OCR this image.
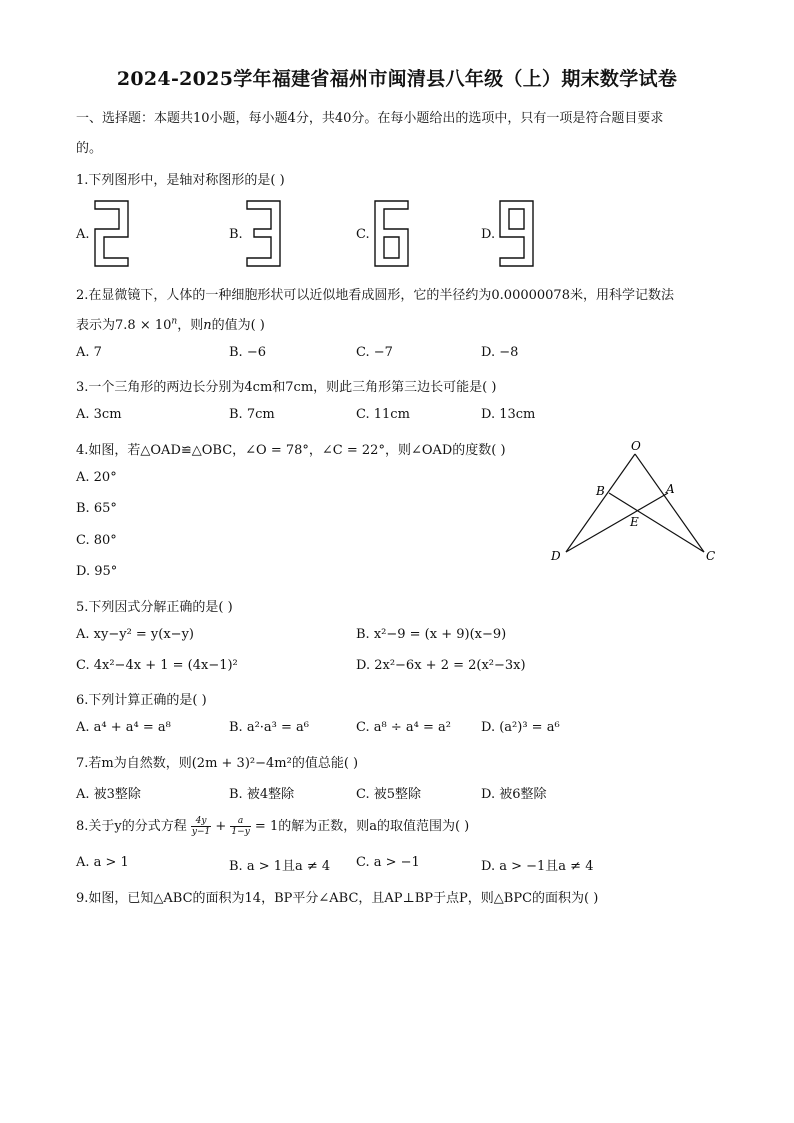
2024-2025学年福建省福州市闽清县八年级（上）期末数学试卷
一、选择题：本题共10小题，每小题4分，共40分。在每小题给出的选项中，只有一项是符合题目要求
的。
1.下列图形中，是轴对称图形的是( )
A.	B.	C.	D.
2.在显微镜下，人体的一种细胞形状可以近似地看成圆形，它的半径约为0.00000078米，用科学记数法
表示为$7.8 \times 10^n$，则n的值为( )
A. 7	B. −6	C. −7	D. −8
3.一个三角形的两边长分别为4cm和7cm，则此三角形第三边长可能是( )
A. 3cm	B. 7cm	C. 11cm	D. 13cm
4.如图，若△OAD≌△OBC，∠O = 78°，∠C = 22°，则∠OAD的度数( )
A. 20°
B. 65°
C. 80°
D. 95°
O
A
B
E
D	C
5.下列因式分解正确的是( )
A. xy−y² = y(x−y)	B. x²−9 = (x + 9)(x−9)
C. 4x²−4x + 1 = (4x−1)²	D. 2x²−6x + 2 = 2(x²−3x)
6.下列计算正确的是( )
A. a⁴ + a⁴ = a⁸	B. a²·a³ = a⁶	C. a⁸ ÷ a⁴ = a² D. (a²)³ = a⁶
7.若m为自然数，则(2m + 3)²−4m²的值总能( )
A. 被3整除	B. 被4整除	C. 被5整除	D. 被6整除
8.关于y的分式方程 $\frac{4y}{y-1} + \frac{a}{1-y} = 1$的解为正数，则a的取值范围为( )
A. a > 1	B. a > 1且a ≠ 4 C. a > −1	D. a > −1且a ≠ 4
9.如图，已知△ABC的面积为14，BP平分∠ABC，且AP⊥BP于点P，则△BPC的面积为( )
